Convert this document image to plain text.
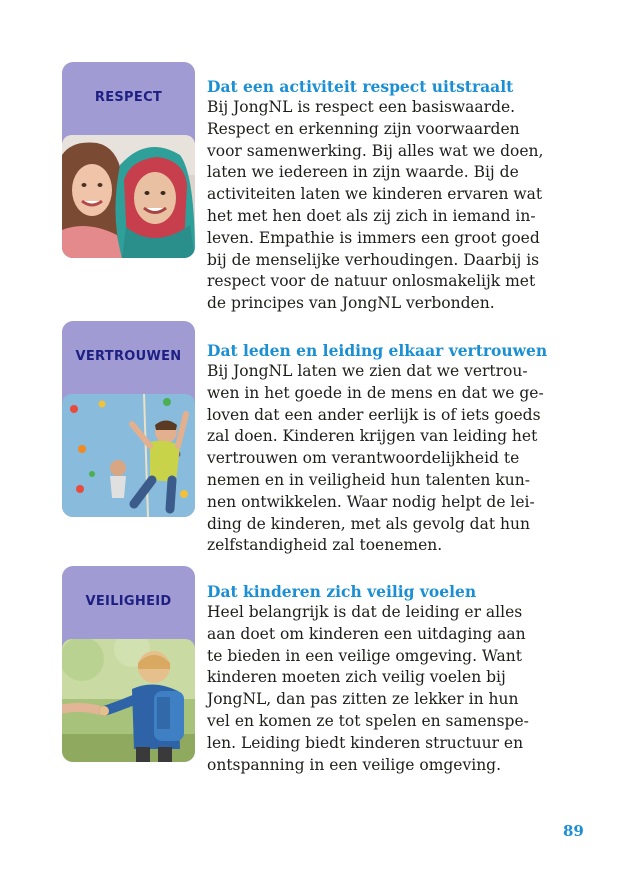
RESPECT
Dat een activiteit respect uitstraalt
Bij JongNL is respect een basiswaarde.
Respect en erkenning zijn voorwaarden
voor samenwerking. Bij alles wat we doen,
laten we iedereen in zijn waarde. Bij de
activiteiten laten we kinderen ervaren wat
het met hen doet als zij zich in iemand in-
leven. Empathie is immers een groot goed
bij de menselijke verhoudingen. Daarbij is
respect voor de natuur onlosmakelijk met
de principes van JongNL verbonden.
VERTROUWEN	Dat leden en leiding elkaar vertrouwen
Bij JongNL laten we zien dat we vertrou-
wen in het goede in de mens en dat we ge-
loven dat een ander eerlijk is of iets goeds
zal doen. Kinderen krijgen van leiding het
vertrouwen om verantwoordelijkheid te
nemen en in veiligheid hun talenten kun-
nen ontwikkelen. Waar nodig helpt de lei-
ding de kinderen, met als gevolg dat hun
zelfstandigheid zal toenemen.
VEILIGHEID
Dat kinderen zich veilig voelen
Heel belangrijk is dat de leiding er alles
aan doet om kinderen een uitdaging aan
te bieden in een veilige omgeving. Want
kinderen moeten zich veilig voelen bij
JongNL, dan pas zitten ze lekker in hun
vel en komen ze tot spelen en samenspe-
len. Leiding biedt kinderen structuur en
ontspanning in een veilige omgeving.
89
